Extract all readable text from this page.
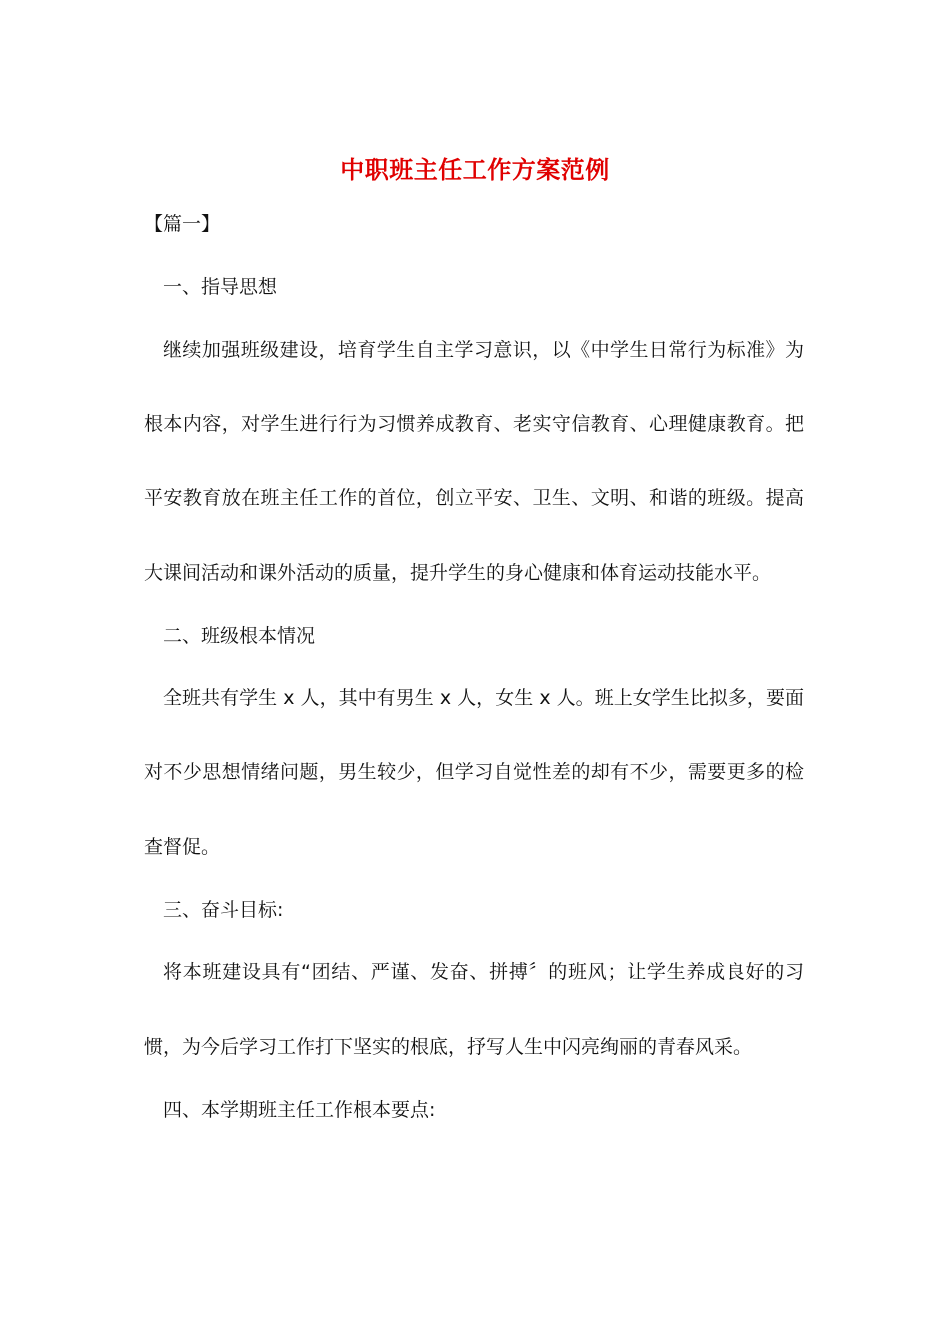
中职班主任工作方案范例
【篇一】
一、指导思想
继续加强班级建设，培育学生自主学习意识，以《中学生日常行为标准》为
根本内容，对学生进行行为习惯养成教育、老实守信教育、心理健康教育。把
平安教育放在班主任工作的首位，创立平安、卫生、文明、和谐的班级。提高
大课间活动和课外活动的质量，提升学生的身心健康和体育运动技能水平。
二、班级根本情况
全班共有学生 x 人，其中有男生 x 人，女生 x 人。班上女学生比拟多，要面
对不少思想情绪问题，男生较少，但学习自觉性差的却有不少，需要更多的检
查督促。
三、奋斗目标:
将本班建设具有“团结、严谨、发奋、拼搏〞的班风；让学生养成良好的习
惯，为今后学习工作打下坚实的根底，抒写人生中闪亮绚丽的青春风采。
四、本学期班主任工作根本要点:
